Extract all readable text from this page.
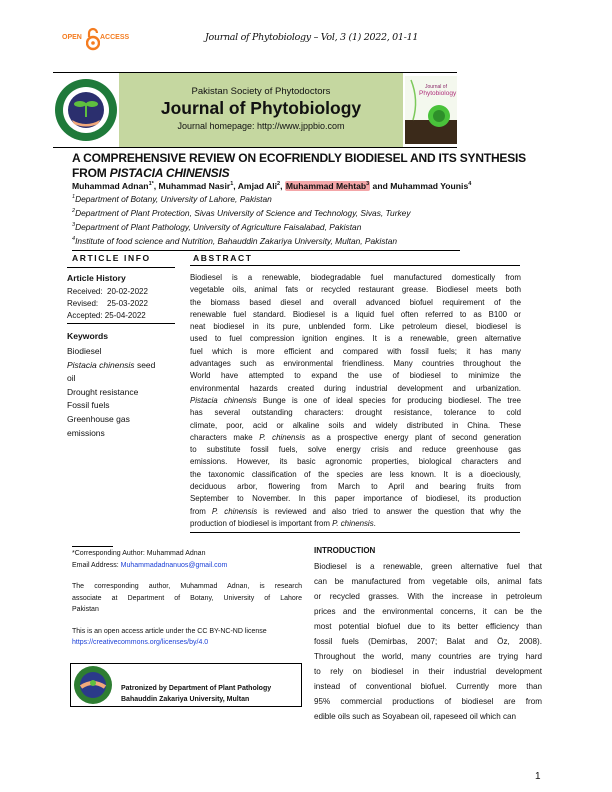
OPEN	ACCESS	Journal of Phytobiology – Vol, 3 (1) 2022, 01-11
Pakistan Society of Phytodoctors
Journal of Phytobiology
Journal homepage: http://www.jppbio.com
Journal of
Phytobiology
A COMPREHENSIVE REVIEW ON ECOFRIENDLY BIODIESEL AND ITS SYNTHESIS
FROM PISTACIA CHINENSIS
Muhammad Adnan$^{1*}$, Muhammad Nasir$^1$, Amjad Ali$^2$, Muhammad Mehtab$^3$ and Muhammad Younis$^4$
$^1$Department of Botany, University of Lahore, Pakistan
$^2$Department of Plant Protection, Sivas University of Science and Technology, Sivas, Turkey
$^3$Department of Plant Pathology, University of Agriculture Faisalabad, Pakistan
$^4$Institute of food science and Nutrition, Bahauddin Zakariya University, Multan, Pakistan
ARTICLE INFO	ABSTRACT
Article History
Received:  20-02-2022
Revised:    25-03-2022
Accepted: 25-04-2022
Keywords
Biodiesel
Pistacia chinensis seed
oil
Drought resistance
Fossil fuels
Greenhouse gas
emissions
Biodiesel is a renewable, biodegradable fuel manufactured domestically from
vegetable oils, animal fats or recycled restaurant grease. Biodiesel meets both
the biomass based diesel and overall advanced biofuel requirement of the
renewable fuel standard. Biodiesel is a liquid fuel often referred to as B100 or
neat biodiesel in its pure, unblended form. Like petroleum diesel, biodiesel is
used to fuel compression ignition engines. It is a renewable, green alternative
fuel which is more efficient and compared with fossil fuels; it has many
advantages such as environmental friendliness. Many countries throughout the
World have attempted to expand the use of biodiesel to minimize the
environmental hazards created during industrial development and urbanization.
Pistacia chinensis Bunge is one of ideal species for producing biodiesel. The tree
has several outstanding characters: drought resistance, tolerance to cold
climate, poor, acid or alkaline soils and widely distributed in China. These
characters make P. chinensis as a prospective energy plant of second generation
to substitute fossil fuels, solve energy crisis and reduce greenhouse gas
emissions. However, its basic agronomic properties, biological characters and
the taxonomic classification of the species are less known. It is a dioeciously,
deciduous arbor, flowering from March to April and bearing fruits from
September to November. In this paper importance of biodiesel, its production
from P. chinensis is reviewed and also tried to answer the question that why the
production of biodiesel is important from P. chinensis.
*Corresponding Author: Muhammad Adnan
Email Address: Muhammadadnanuos@gmail.com
The corresponding author, Muhammad Adnan, is research
associate at Department of Botany, University of Lahore
Pakistan
This is an open access article under the CC BY-NC-ND license
https://creativecommons.org/licenses/by/4.0
Patronized by Department of Plant Pathology
Bahauddin Zakariya University, Multan
INTRODUCTION
Biodiesel is a renewable, green alternative fuel that
can be manufactured from vegetable oils, animal fats
or recycled grasses. With the increase in petroleum
prices and the environmental concerns, it can be the
most potential biofuel due to its better efficiency than
fossil fuels (Demirbas, 2007; Balat and Öz, 2008).
Throughout the world, many countries are trying hard
to rely on biodiesel in their industrial development
instead of conventional biofuel. Currently more than
95% commercial productions of biodiesel are from
edible oils such as Soyabean oil, rapeseed oil which can
1
